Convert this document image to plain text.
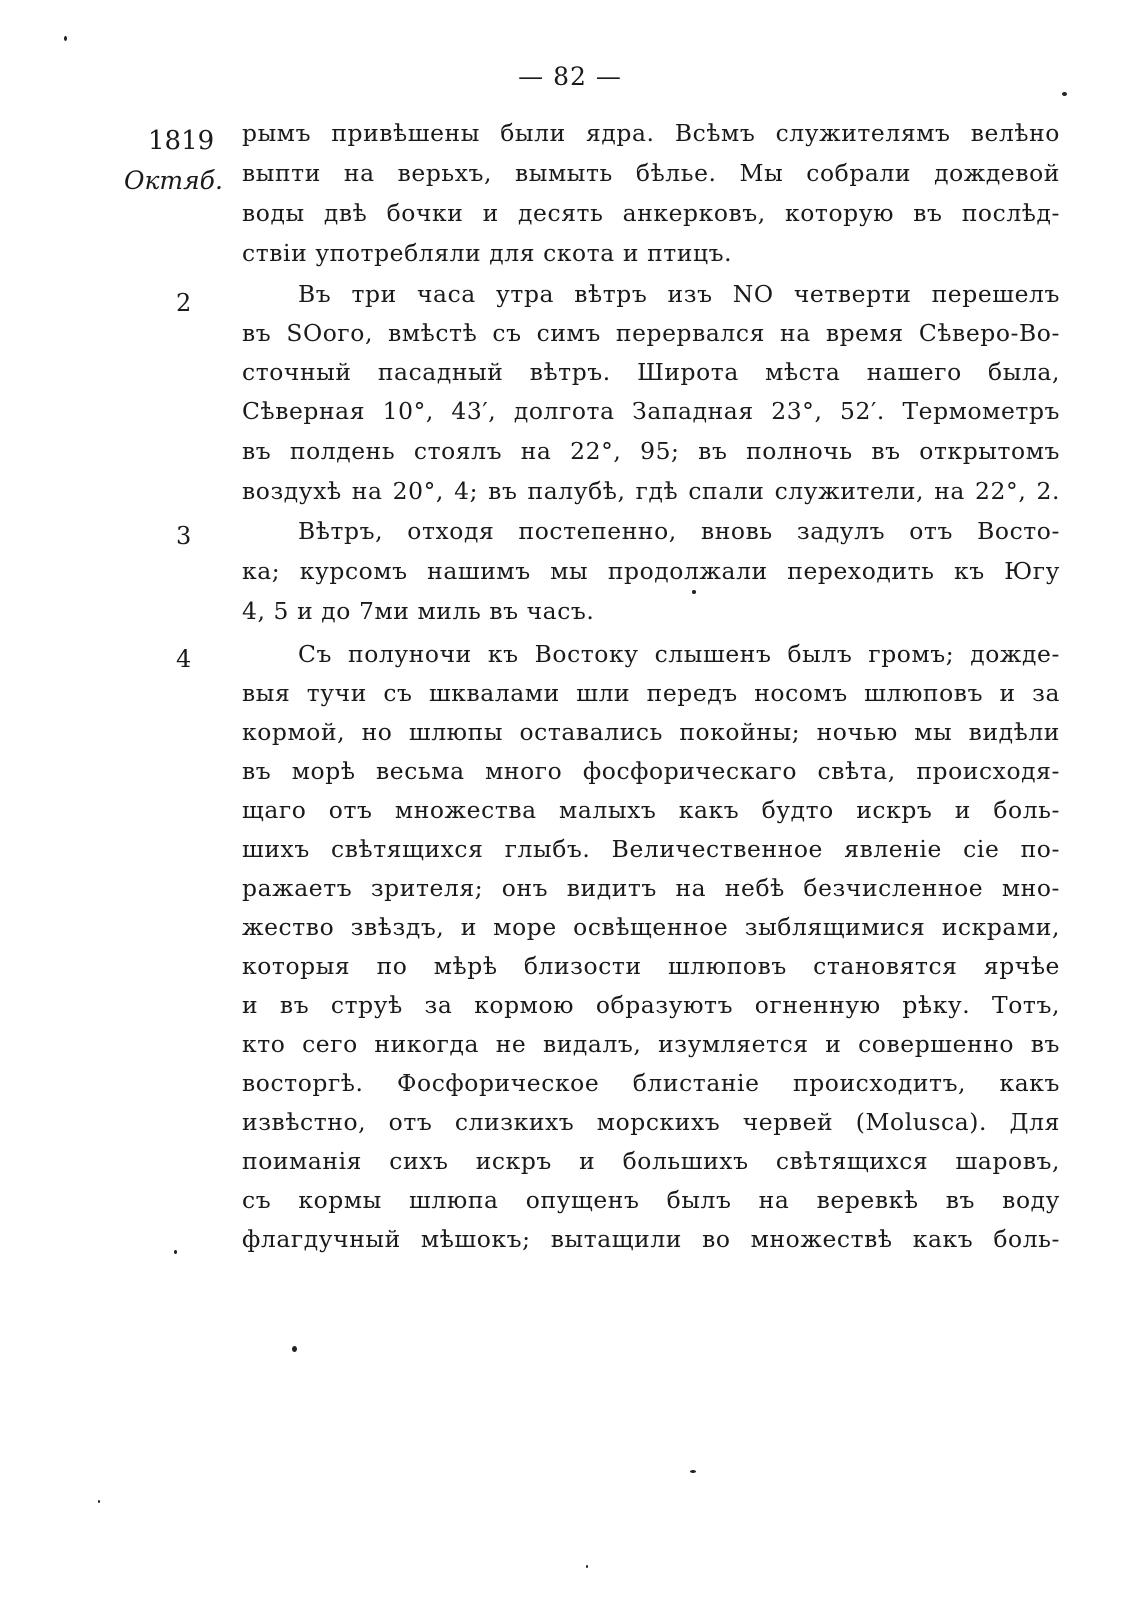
— 82 —
1819
Октяб.
2
3
4
рымъ привѣшены были ядра. Всѣмъ служителямъ велѣно
выпти на верьхъ, вымыть бѣлье. Мы собрали дождевой
воды двѣ бочки и десять анкерковъ, которую въ послѣд-
ствіи употребляли для скота и птицъ.
Въ три часа утра вѣтръ изъ NO четверти перешелъ
въ SOого, вмѣстѣ съ симъ перервался на время Сѣверо-Во-
сточный пасадный вѣтръ. Широта мѣста нашего была,
Сѣверная 10°, 43′, долгота Западная 23°, 52′. Термометръ
въ полдень стоялъ на 22°, 95; въ полночь въ открытомъ
воздухѣ на 20°, 4; въ палубѣ, гдѣ спали служители, на 22°, 2.
Вѣтръ, отходя постепенно, вновь задулъ отъ Восто-
ка; курсомъ нашимъ мы продолжали переходить къ Югу
4, 5 и до 7ми миль въ часъ.
Съ полуночи къ Востоку слышенъ былъ громъ; дожде-
выя тучи съ шквалами шли передъ носомъ шлюповъ и за
кормой, но шлюпы оставались покойны; ночью мы видѣли
въ морѣ весьма много фосфорическаго свѣта, происходя-
щаго отъ множества малыхъ какъ будто искръ и боль-
шихъ свѣтящихся глыбъ. Величественное явленіе сіе по-
ражаетъ зрителя; онъ видитъ на небѣ безчисленное мно-
жество звѣздъ, и море освѣщенное зыблящимися искрами,
которыя по мѣрѣ близости шлюповъ становятся ярчѣе
и въ струѣ за кормою образуютъ огненную рѣку. Тотъ,
кто сего никогда не видалъ, изумляется и совершенно въ
восторгѣ. Фосфорическое блистаніе происходитъ, какъ
извѣстно, отъ слизкихъ морскихъ червей (Molusca). Для
поиманія сихъ искръ и большихъ свѣтящихся шаровъ,
съ кормы шлюпа опущенъ былъ на веревкѣ въ воду
флагдучный мѣшокъ; вытащили во множествѣ какъ боль-
